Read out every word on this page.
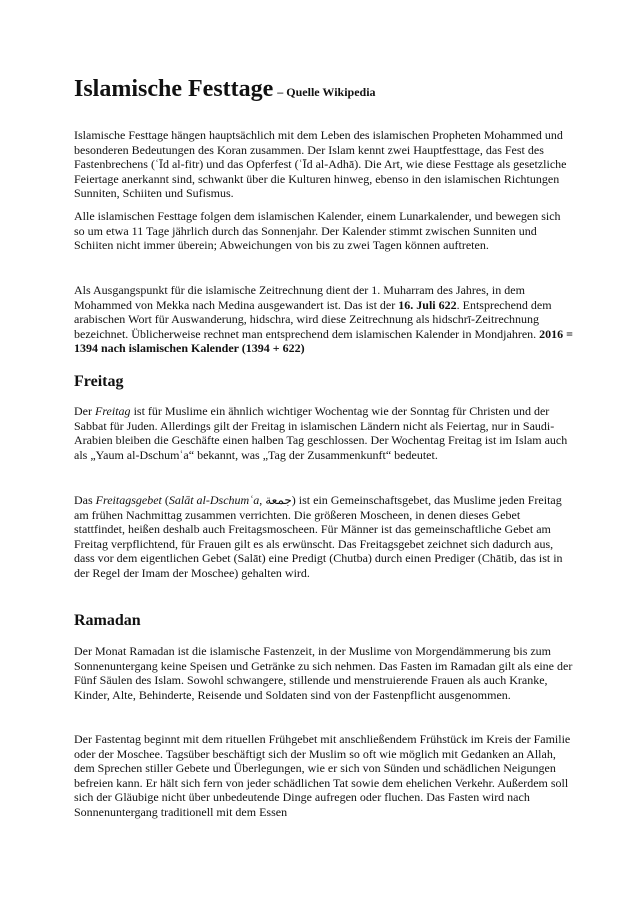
Islamische Festtage – Quelle Wikipedia

Islamische Festtage hängen hauptsächlich mit dem Leben des islamischen Propheten Mohammed und besonderen Bedeutungen des Koran zusammen. Der Islam kennt zwei Hauptfesttage, das Fest des Fastenbrechens (ʿĪd al-fitr) und das Opferfest (ʿĪd al-Adhā). Die Art, wie diese Festtage als gesetzliche Feiertage anerkannt sind, schwankt über die Kulturen hinweg, ebenso in den islamischen Richtungen Sunniten, Schiiten und Sufismus.

Alle islamischen Festtage folgen dem islamischen Kalender, einem Lunarkalender, und bewegen sich so um etwa 11 Tage jährlich durch das Sonnenjahr. Der Kalender stimmt zwischen Sunniten und Schiiten nicht immer überein; Abweichungen von bis zu zwei Tagen können auftreten.

Als Ausgangspunkt für die islamische Zeitrechnung dient der 1. Muharram des Jahres, in dem Mohammed von Mekka nach Medina ausgewandert ist. Das ist der 16. Juli 622. Entsprechend dem arabischen Wort für Auswanderung, hidschra, wird diese Zeitrechnung als hidschrī-Zeitrechnung bezeichnet. Üblicherweise rechnet man entsprechend dem islamischen Kalender in Mondjahren. 2016 = 1394 nach islamischen Kalender (1394 + 622)

Freitag

Der Freitag ist für Muslime ein ähnlich wichtiger Wochentag wie der Sonntag für Christen und der Sabbat für Juden. Allerdings gilt der Freitag in islamischen Ländern nicht als Feiertag, nur in Saudi-Arabien bleiben die Geschäfte einen halben Tag geschlossen. Der Wochentag Freitag ist im Islam auch als „Yaum al-Dschumʿa“ bekannt, was „Tag der Zusammenkunft“ bedeutet.

Das Freitagsgebet (Salāt al-Dschumʿa, جمعة) ist ein Gemeinschaftsgebet, das Muslime jeden Freitag am frühen Nachmittag zusammen verrichten. Die größeren Moscheen, in denen dieses Gebet stattfindet, heißen deshalb auch Freitagsmoscheen. Für Männer ist das gemeinschaftliche Gebet am Freitag verpflichtend, für Frauen gilt es als erwünscht. Das Freitagsgebet zeichnet sich dadurch aus, dass vor dem eigentlichen Gebet (Salāt) eine Predigt (Chutba) durch einen Prediger (Chātib, das ist in der Regel der Imam der Moschee) gehalten wird.

Ramadan

Der Monat Ramadan ist die islamische Fastenzeit, in der Muslime von Morgendämmerung bis zum Sonnenuntergang keine Speisen und Getränke zu sich nehmen. Das Fasten im Ramadan gilt als eine der Fünf Säulen des Islam. Sowohl schwangere, stillende und menstruierende Frauen als auch Kranke, Kinder, Alte, Behinderte, Reisende und Soldaten sind von der Fastenpflicht ausgenommen.

Der Fastentag beginnt mit dem rituellen Frühgebet mit anschließendem Frühstück im Kreis der Familie oder der Moschee. Tagsüber beschäftigt sich der Muslim so oft wie möglich mit Gedanken an Allah, dem Sprechen stiller Gebete und Überlegungen, wie er sich von Sünden und schädlichen Neigungen befreien kann. Er hält sich fern von jeder schädlichen Tat sowie dem ehelichen Verkehr. Außerdem soll sich der Gläubige nicht über unbedeutende Dinge aufregen oder fluchen. Das Fasten wird nach Sonnenuntergang traditionell mit dem Essen
